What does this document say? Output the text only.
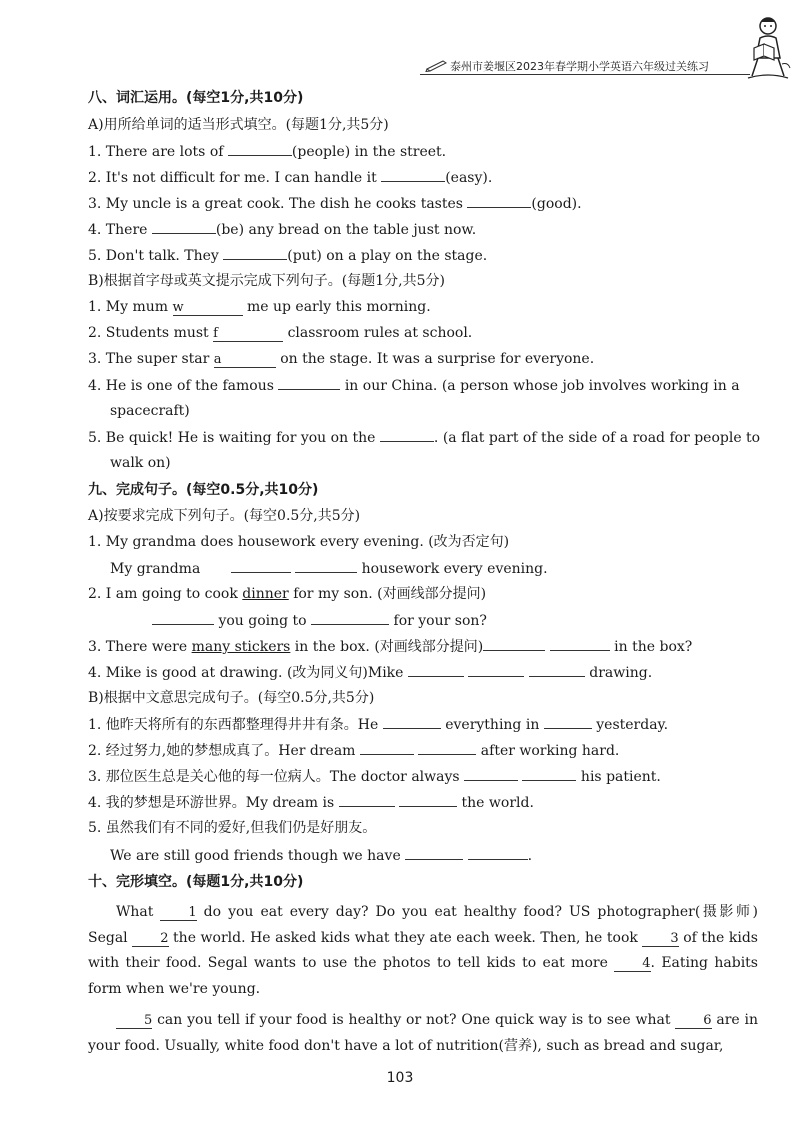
泰州市姜堰区2023年春学期小学英语六年级过关练习
八、词汇运用。(每空1分,共10分)
A)用所给单词的适当形式填空。(每题1分,共5分)
1. There are lots of	(people) in the street.
2. It's not difficult for me. I can handle it	(easy).
3. My uncle is a great cook. The dish he cooks tastes	(good).
4. There	(be) any bread on the table just now.
5. Don't talk. They	(put) on a play on the stage.
B)根据首字母或英文提示完成下列句子。(每题1分,共5分)
1. My mum w	me up early this morning.
2. Students must f	classroom rules at school.
3. The super star a	on the stage. It was a surprise for everyone.
4. He is one of the famous	in our China. (a person whose job involves working in a
spacecraft)
5. Be quick! He is waiting for you on the	. (a flat part of the side of a road for people to
walk on)
九、完成句子。(每空0.5分,共10分)
A)按要求完成下列句子。(每空0.5分,共5分)
1. My grandma does housework every evening. (改为否定句)
My grandma	housework every evening.
2. I am going to cook dinner for my son. (对画线部分提问)
you going to	for your son?
3. There were many stickers in the box. (对画线部分提问)	in the box?
4. Mike is good at drawing. (改为同义句)Mike	drawing.
B)根据中文意思完成句子。(每空0.5分,共5分)
1. 他昨天将所有的东西都整理得井井有条。He	everything in	yesterday.
2. 经过努力,她的梦想成真了。Her dream	after working hard.
3. 那位医生总是关心他的每一位病人。The doctor always	his patient.
4. 我的梦想是环游世界。My dream is	the world.
5. 虽然我们有不同的爱好,但我们仍是好朋友。
We are still good friends though we have	.
十、完形填空。(每题1分,共10分)
What 1 do you eat every day? Do you eat healthy food? US photographer(摄影师) Segal 2 the world. He asked kids what they ate each week. Then, he took 3 of the kids with their food. Segal wants to use the photos to tell kids to eat more 4. Eating habits form when we're young.
5 can you tell if your food is healthy or not? One quick way is to see what 6 are in your food. Usually, white food don't have a lot of nutrition(营养), such as bread and sugar,
103
